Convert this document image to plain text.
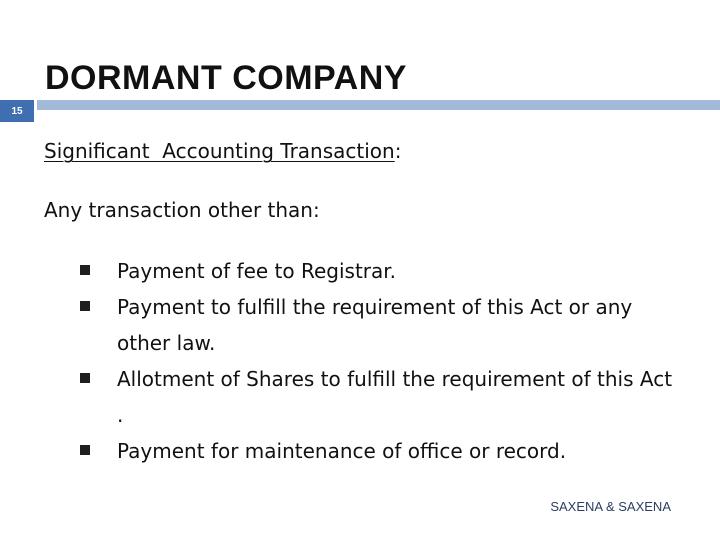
15
DORMANT COMPANY
Significant  Accounting Transaction:
Any transaction other than:
Payment of fee to Registrar.
Payment to fulfill the requirement of this Act or any other law.
Allotment of Shares to fulfill the requirement of this Act .
Payment for maintenance of office or record.
SAXENA & SAXENA
